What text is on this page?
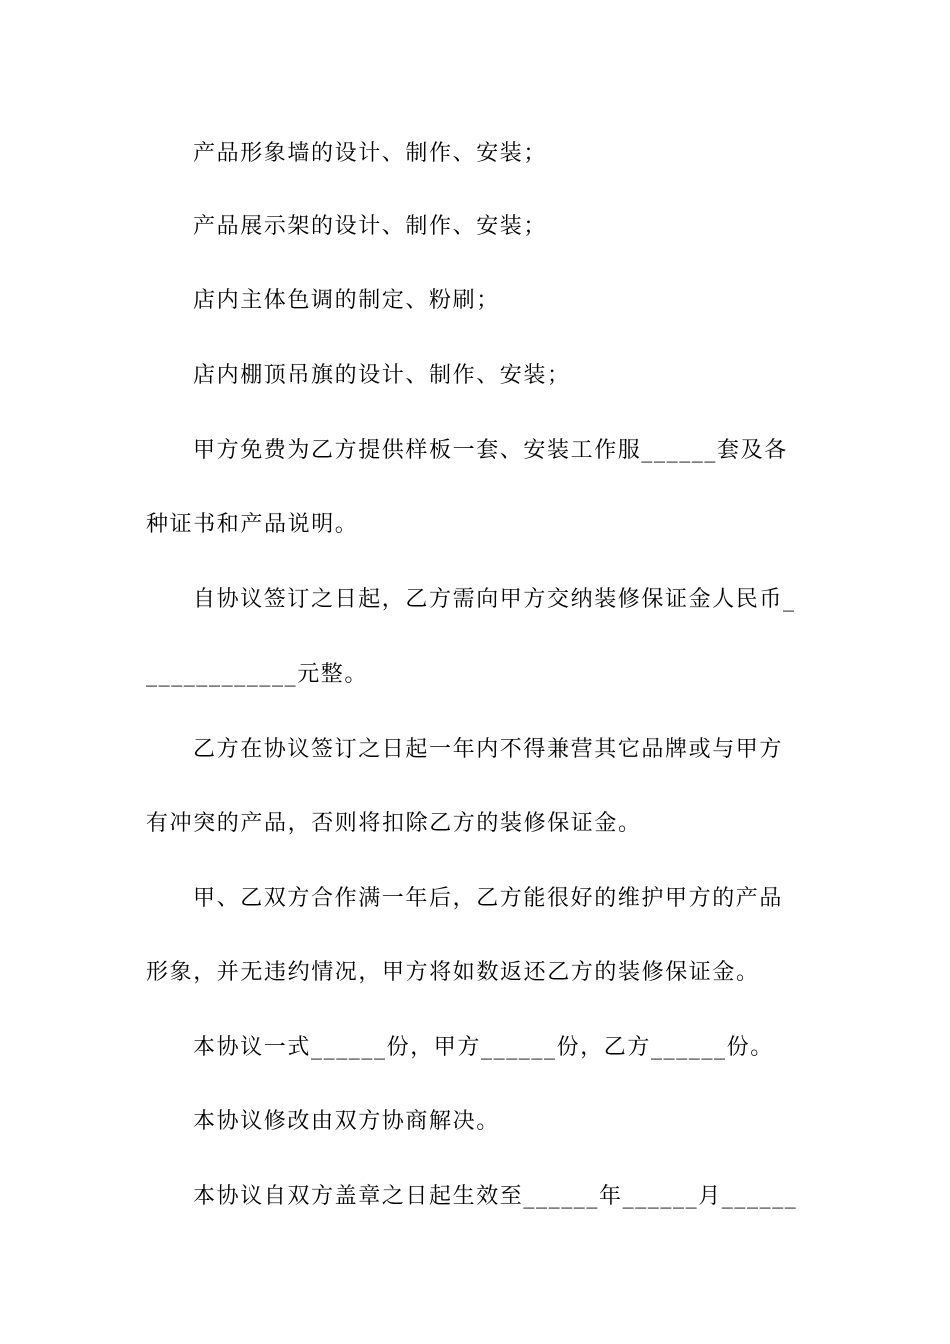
产品形象墙的设计、制作、安装；
产品展示架的设计、制作、安装；
店内主体色调的制定、粉刷；
店内棚顶吊旗的设计、制作、安装；
甲方免费为乙方提供样板一套、安装工作服______套及各
种证书和产品说明。
自协议签订之日起，乙方需向甲方交纳装修保证金人民币_
____________元整。
乙方在协议签订之日起一年内不得兼营其它品牌或与甲方
有冲突的产品，否则将扣除乙方的装修保证金。
甲、乙双方合作满一年后，乙方能很好的维护甲方的产品
形象，并无违约情况，甲方将如数返还乙方的装修保证金。
本协议一式______份，甲方______份，乙方______份。
本协议修改由双方协商解决。
本协议自双方盖章之日起生效至______年______月______
